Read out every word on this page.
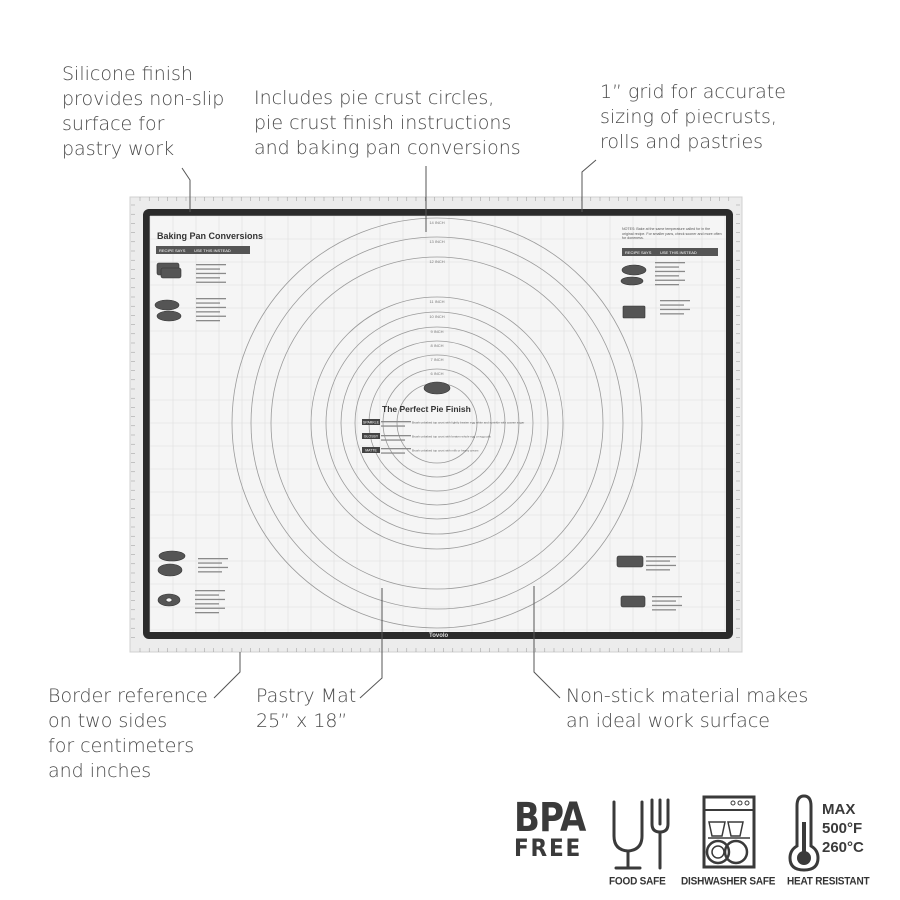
Silicone finish
provides non-slip
surface for
pastry work
Includes pie crust circles,
pie crust finish instructions
and baking pan conversions
1” grid for accurate
sizing of piecrusts,
rolls and pastries
Border reference
on two sides
for centimeters
and inches
Pastry Mat
25” x 18”
Non-stick material makes
an ideal work surface
14 INCH
13 INCH
12 INCH
11 INCH
10 INCH
9 INCH
8 INCH
7 INCH
6 INCH
Baking Pan Conversions
RECIPE SAYS USE THIS INSTEAD	RECIPE SAYS USE THIS INSTEAD
NOTES: Bake at the same temperature called for in the original recipe. For smaller pans, check sooner and more often for doneness.
The Perfect Pie Finish
SPARKLE	Brush unbaked top crust with lightly beaten egg white and sprinkle with coarse sugar
GLOSSY	Brush unbaked top crust with beaten whole egg or egg yolk
MATTE	Brush unbaked top crust with milk or heavy cream
Tovolo
BPA
FREE
MAX
500°F
260°C
FOOD SAFE DISHWASHER SAFE HEAT RESISTANT
